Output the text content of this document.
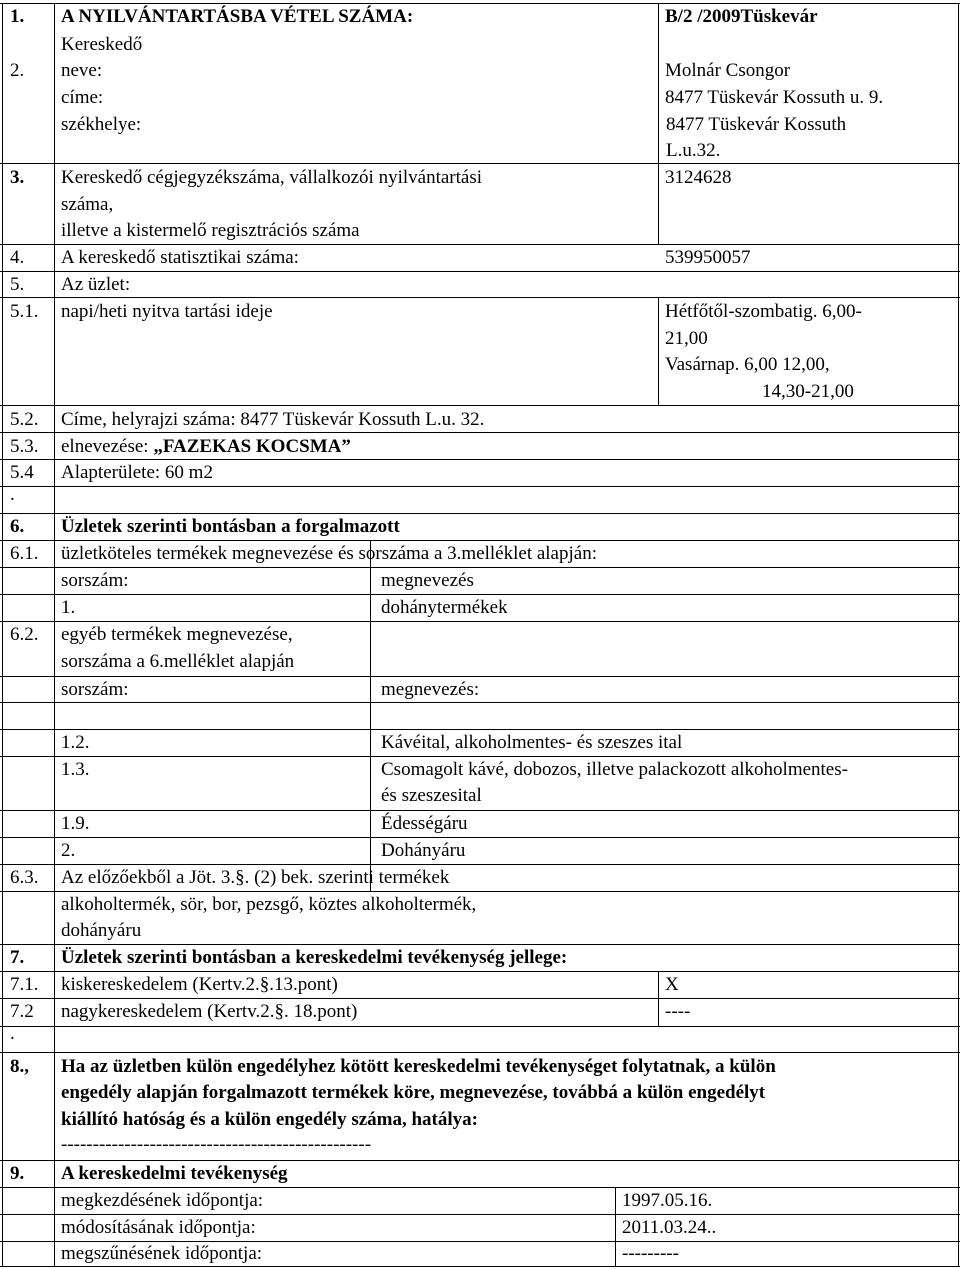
1. A NYILVÁNTARTÁSBA VÉTEL SZÁMA:	B/2 /2009Tüskevár
Kereskedő
2. neve:	Molnár Csongor
címe:	8477 Tüskevár Kossuth u. 9.
székhelye:	8477 Tüskevár Kossuth
L.u.32.
3. Kereskedő cégjegyzékszáma, vállalkozói nyilvántartási	3124628
száma,
illetve a kistermelő regisztrációs száma
4. A kereskedő statisztikai száma:	539950057
5. Az üzlet:
5.1. napi/heti nyitva tartási ideje	Hétfőtől-szombatig. 6,00-
21,00
Vasárnap. 6,00 12,00,
14,30-21,00
5.2. Címe, helyrajzi száma: 8477 Tüskevár Kossuth L.u. 32.
5.3. elnevezése: „FAZEKAS KOCSMA”
5.4 Alapterülete: 60 m2
.
6. Üzletek szerinti bontásban a forgalmazott
6.1. üzletköteles termékek megnevezése és sorszáma a 3.melléklet alapján:
sorszám:	megnevezés
1.	dohánytermékek
6.2. egyéb termékek megnevezése,
sorszáma a 6.melléklet alapján
sorszám:	megnevezés:
1.2.	Kávéital, alkoholmentes- és szeszes ital
1.3.	Csomagolt kávé, dobozos, illetve palackozott alkoholmentes-
és szeszesital
1.9.	Édességáru
2.	Dohányáru
6.3. Az előzőekből a Jöt. 3.§. (2) bek. szerinti termékek
alkoholtermék, sör, bor, pezsgő, köztes alkoholtermék,
dohányáru
7. Üzletek szerinti bontásban a kereskedelmi tevékenység jellege:
7.1. kiskereskedelem (Kertv.2.§.13.pont)	X
7.2 nagykereskedelem (Kertv.2.§. 18.pont)	----
.
8., Ha az üzletben külön engedélyhez kötött kereskedelmi tevékenységet folytatnak, a külön
engedély alapján forgalmazott termékek köre, megnevezése, továbbá a külön engedélyt
kiállító hatóság és a külön engedély száma, hatálya:
-------------------------------------------------
9. A kereskedelmi tevékenység
megkezdésének időpontja:	1997.05.16.
módosításának időpontja:	2011.03.24..
megszűnésének időpontja:	---------
